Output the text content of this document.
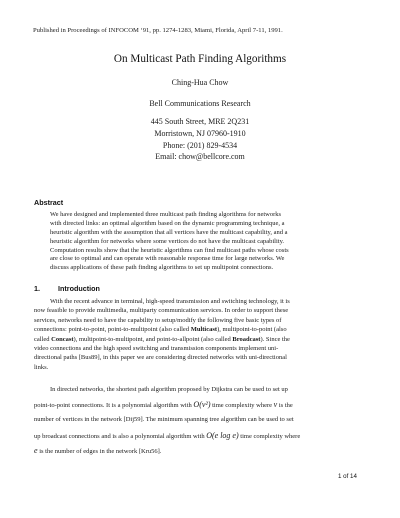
Published in Proceedings of INFOCOM ‘91, pp. 1274-1283, Miami, Florida, April 7-11, 1991.
On Multicast Path Finding Algorithms
Ching-Hua Chow
Bell Communications Research
445 South Street, MRE 2Q231
Morristown, NJ 07960-1910
Phone: (201) 829-4534
Email: chow@bellcore.com
Abstract
We have designed and implemented three multicast path finding algorithms for networks
with directed links: an optimal algorithm based on the dynamic programming technique, a
heuristic algorithm with the assumption that all vertices have the multicast capability, and a
heuristic algorithm for networks where some vertices do not have the multicast capability.
Computation results show that the heuristic algorithms can find multicast paths whose costs
are close to optimal and can operate with reasonable response time for large networks. We
discuss applications of these path finding algorithms to set up multipoint connections.
1.	Introduction
With the recent advance in terminal, high-speed transmission and switching technology, it is
now feasible to provide multimedia, multiparty communication services. In order to support these
services, networks need to have the capability to setup/modify the following five basic types of
connections: point-to-point, point-to-multipoint (also called Multicast), multipoint-to-point (also
called Concast), multipoint-to-multipoint, and point-to-allpoint (also called Broadcast). Since the
video connections and the high speed switching and transmission components implement uni-
directional paths [Bus89], in this paper we are considering directed networks with uni-directional
links.
In directed networks, the shortest path algorithm proposed by Dijkstra can be used to set up
point-to-point connections. It is a polynomial algorithm with O(v²) time complexity where v is the
number of vertices in the network [Dij59]. The minimum spanning tree algorithm can be used to set
up broadcast connections and is also a polynomial algorithm with O(e log e) time complexity where
e is the number of edges in the network [Kru56].
1 of 14
